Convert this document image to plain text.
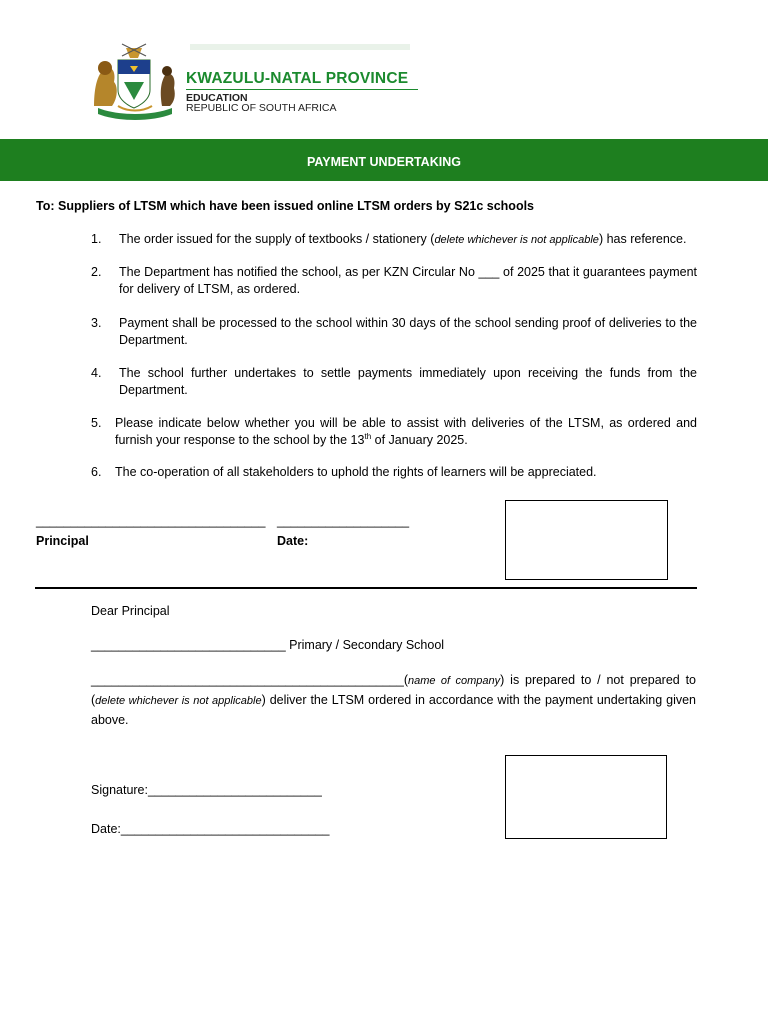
KWAZULU-NATAL PROVINCE
EDUCATION
REPUBLIC OF SOUTH AFRICA
PAYMENT UNDERTAKING
To: Suppliers of LTSM which have been issued online LTSM orders by S21c schools
1. The order issued for the supply of textbooks / stationery (delete whichever is not applicable) has reference.
2. The Department has notified the school, as per KZN Circular No ___ of 2025 that it guarantees payment for delivery of LTSM, as ordered.
3. Payment shall be processed to the school within 30 days of the school sending proof of deliveries to the Department.
4. The school further undertakes to settle payments immediately upon receiving the funds from the Department.
5. Please indicate below whether you will be able to assist with deliveries of the LTSM, as ordered and furnish your response to the school by the 13th of January 2025.
6. The co-operation of all stakeholders to uphold the rights of learners will be appreciated.
_________________________________
Principal
___________________
Date:
Dear Principal
____________________________ Primary / Secondary School
_____________________________________________(name of company) is prepared to / not prepared to (delete whichever is not applicable) deliver the LTSM ordered in accordance with the payment undertaking given above.
Signature:_________________________
Date:______________________________
